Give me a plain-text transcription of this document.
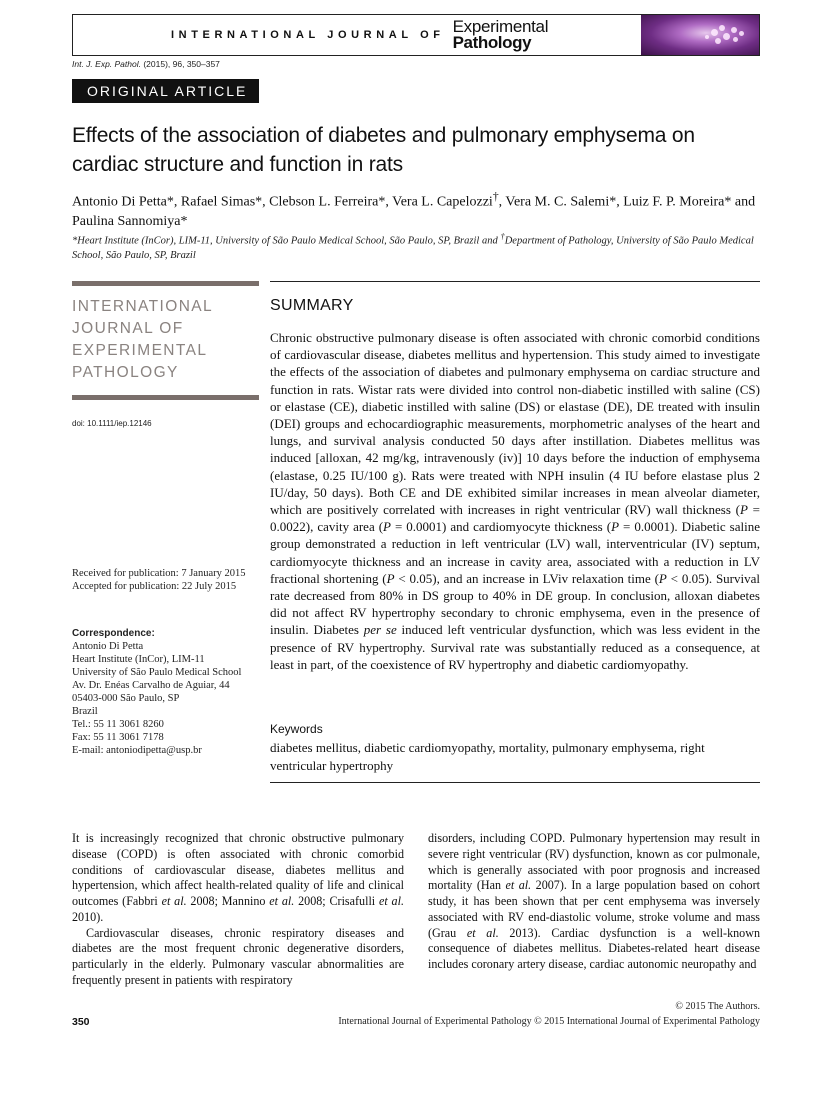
INTERNATIONAL JOURNAL OF Experimental
Pathology
Int. J. Exp. Pathol. (2015), 96, 350–357
ORIGINAL ARTICLE
Effects of the association of diabetes and pulmonary emphysema on cardiac structure and function in rats
Antonio Di Petta*, Rafael Simas*, Clebson L. Ferreira*, Vera L. Capelozzi†, Vera M. C. Salemi*, Luiz F. P. Moreira* and Paulina Sannomiya*
*Heart Institute (InCor), LIM-11, University of São Paulo Medical School, São Paulo, SP, Brazil and †Department of Pathology, University of São Paulo Medical School, São Paulo, SP, Brazil
INTERNATIONAL
JOURNAL OF
EXPERIMENTAL
PATHOLOGY
doi: 10.1111/iep.12146
Received for publication: 7 January 2015
Accepted for publication: 22 July 2015
Correspondence:
Antonio Di Petta
Heart Institute (InCor), LIM-11
University of São Paulo Medical School
Av. Dr. Enéas Carvalho de Aguiar, 44
05403-000 São Paulo, SP
Brazil
Tel.: 55 11 3061 8260
Fax: 55 11 3061 7178
E-mail: antoniodipetta@usp.br
SUMMARY
Chronic obstructive pulmonary disease is often associated with chronic comorbid conditions of cardiovascular disease, diabetes mellitus and hypertension. This study aimed to investigate the effects of the association of diabetes and pulmonary emphysema on cardiac structure and function in rats. Wistar rats were divided into control non-diabetic instilled with saline (CS) or elastase (CE), diabetic instilled with saline (DS) or elastase (DE), DE treated with insulin (DEI) groups and echocardiographic measurements, morphometric analyses of the heart and lungs, and survival analysis conducted 50 days after instillation. Diabetes mellitus was induced [alloxan, 42 mg/kg, intravenously (iv)] 10 days before the induction of emphysema (elastase, 0.25 IU/100 g). Rats were treated with NPH insulin (4 IU before elastase plus 2 IU/day, 50 days). Both CE and DE exhibited similar increases in mean alveolar diameter, which are positively correlated with increases in right ventricular (RV) wall thickness (P = 0.0022), cavity area (P = 0.0001) and cardiomyocyte thickness (P = 0.0001). Diabetic saline group demonstrated a reduction in left ventricular (LV) wall, interventricular (IV) septum, cardiomyocyte thickness and an increase in cavity area, associated with a reduction in LV fractional shortening (P < 0.05), and an increase in LViv relaxation time (P < 0.05). Survival rate decreased from 80% in DS group to 40% in DE group. In conclusion, alloxan diabetes did not affect RV hypertrophy secondary to chronic emphysema, even in the presence of insulin. Diabetes per se induced left ventricular dysfunction, which was less evident in the presence of RV hypertrophy. Survival rate was substantially reduced as a consequence, at least in part, of the coexistence of RV hypertrophy and diabetic cardiomyopathy.
Keywords
diabetes mellitus, diabetic cardiomyopathy, mortality, pulmonary emphysema, right ventricular hypertrophy

It is increasingly recognized that chronic obstructive pulmonary disease (COPD) is often associated with chronic comorbid conditions of cardiovascular disease, diabetes mellitus and hypertension, which affect health-related quality of life and clinical outcomes (Fabbri et al. 2008; Mannino et al. 2008; Crisafulli et al. 2010).

Cardiovascular diseases, chronic respiratory diseases and diabetes are the most frequent chronic degenerative disorders, particularly in the elderly. Pulmonary vascular abnormalities are frequently present in patients with respiratory

disorders, including COPD. Pulmonary hypertension may result in severe right ventricular (RV) dysfunction, known as cor pulmonale, which is generally associated with poor prognosis and increased mortality (Han et al. 2007). In a large population based on cohort study, it has been shown that per cent emphysema was inversely associated with RV end-diastolic volume, stroke volume and mass (Grau et al. 2013). Cardiac dysfunction is a well-known consequence of diabetes mellitus. Diabetes-related heart disease includes coronary artery disease, cardiac autonomic neuropathy and

© 2015 The Authors.
350	International Journal of Experimental Pathology © 2015 International Journal of Experimental Pathology
